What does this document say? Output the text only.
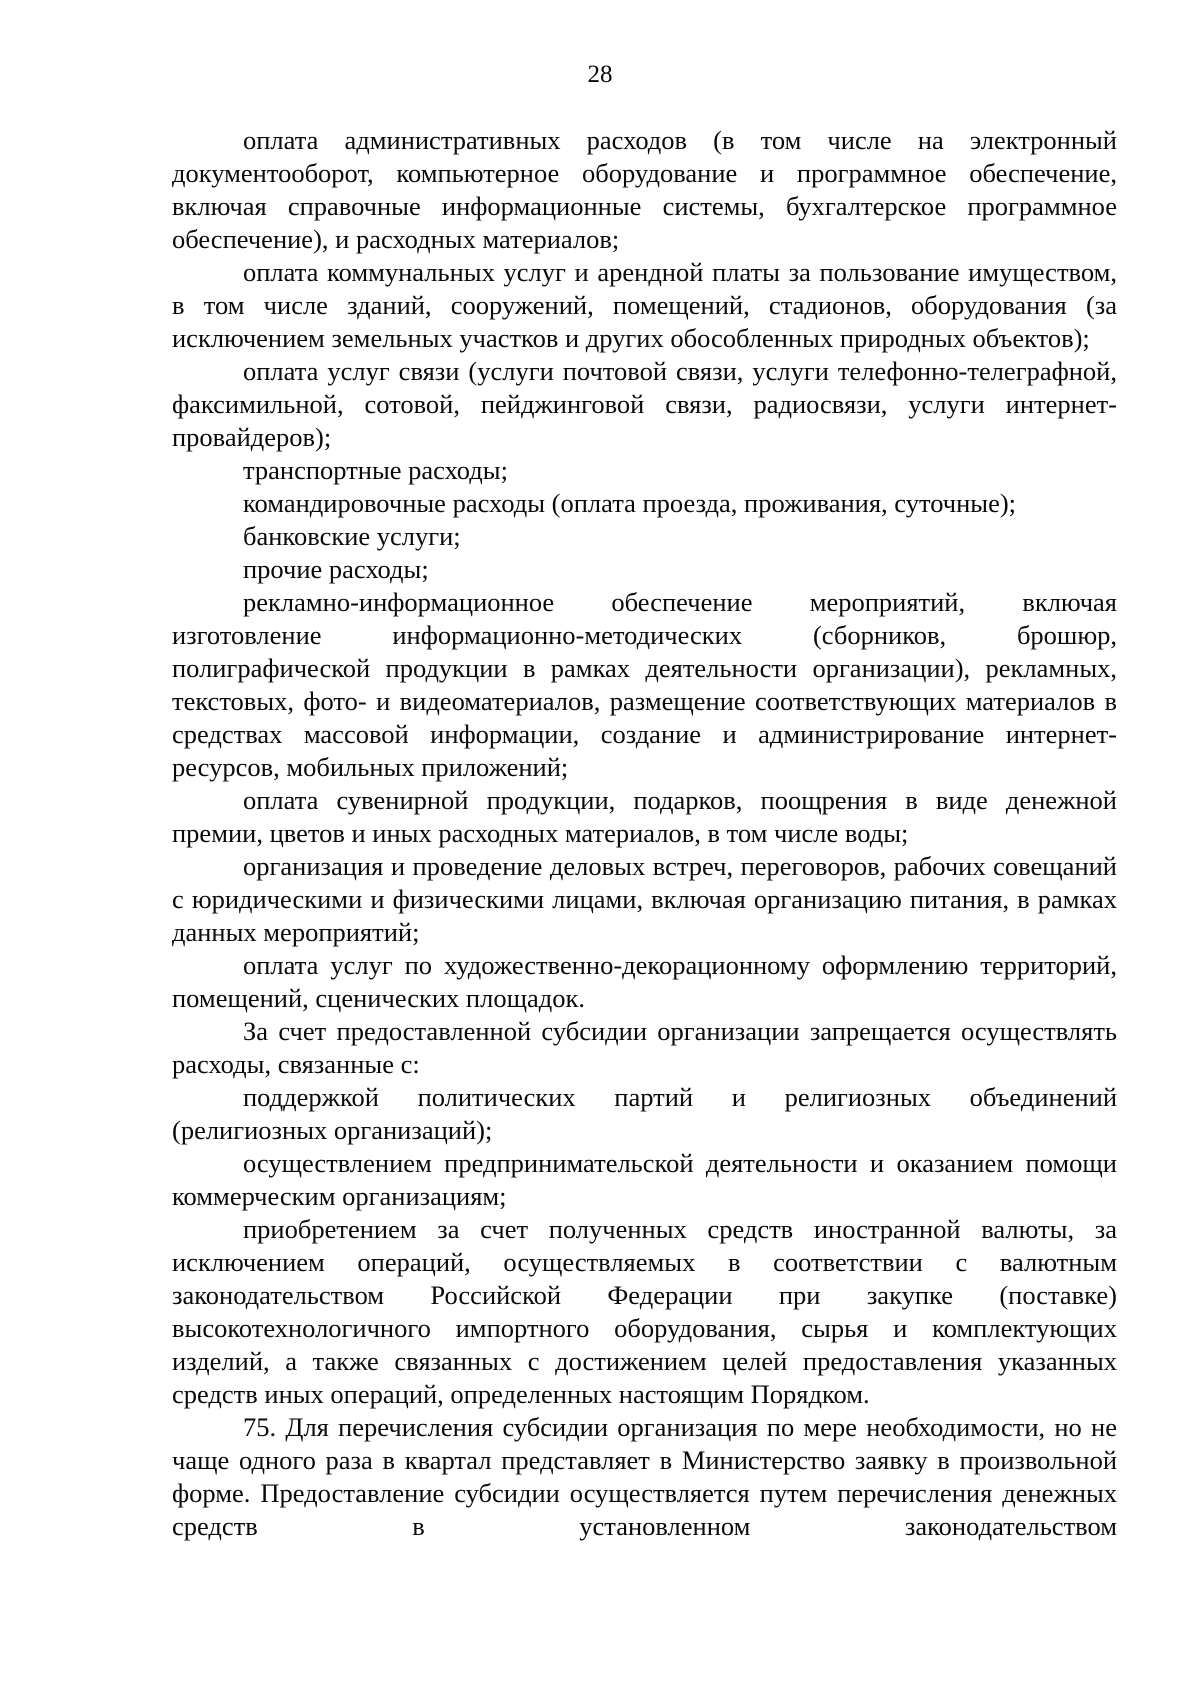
28

оплата административных расходов (в том числе на электронный документооборот, компьютерное оборудование и программное обеспечение, включая справочные информационные системы, бухгалтерское программное обеспечение), и расходных материалов;

оплата коммунальных услуг и арендной платы за пользование имуществом, в том числе зданий, сооружений, помещений, стадионов, оборудования (за исключением земельных участков и других обособленных природных объектов);

оплата услуг связи (услуги почтовой связи, услуги телефонно-телеграфной, факсимильной, сотовой, пейджинговой связи, радиосвязи, услуги интернет-провайдеров);

транспортные расходы;

командировочные расходы (оплата проезда, проживания, суточные);

банковские услуги;

прочие расходы;

рекламно-информационное обеспечение мероприятий, включая изготовление информационно-методических (сборников, брошюр, полиграфической продукции в рамках деятельности организации), рекламных, текстовых, фото- и видеоматериалов, размещение соответствующих материалов в средствах массовой информации, создание и администрирование интернет-ресурсов, мобильных приложений;

оплата сувенирной продукции, подарков, поощрения в виде денежной премии, цветов и иных расходных материалов, в том числе воды;

организация и проведение деловых встреч, переговоров, рабочих совещаний с юридическими и физическими лицами, включая организацию питания, в рамках данных мероприятий;

оплата услуг по художественно-декорационному оформлению территорий, помещений, сценических площадок.

За счет предоставленной субсидии организации запрещается осуществлять расходы, связанные с:

поддержкой политических партий и религиозных объединений (религиозных организаций);

осуществлением предпринимательской деятельности и оказанием помощи коммерческим организациям;

приобретением за счет полученных средств иностранной валюты, за исключением операций, осуществляемых в соответствии с валютным законодательством Российской Федерации при закупке (поставке) высокотехнологичного импортного оборудования, сырья и комплектующих изделий, а также связанных с достижением целей предоставления указанных средств иных операций, определенных настоящим Порядком.

75. Для перечисления субсидии организация по мере необходимости, но не чаще одного раза в квартал представляет в Министерство заявку в произвольной форме. Предоставление субсидии осуществляется путем перечисления денежных средств в установленном законодательством
